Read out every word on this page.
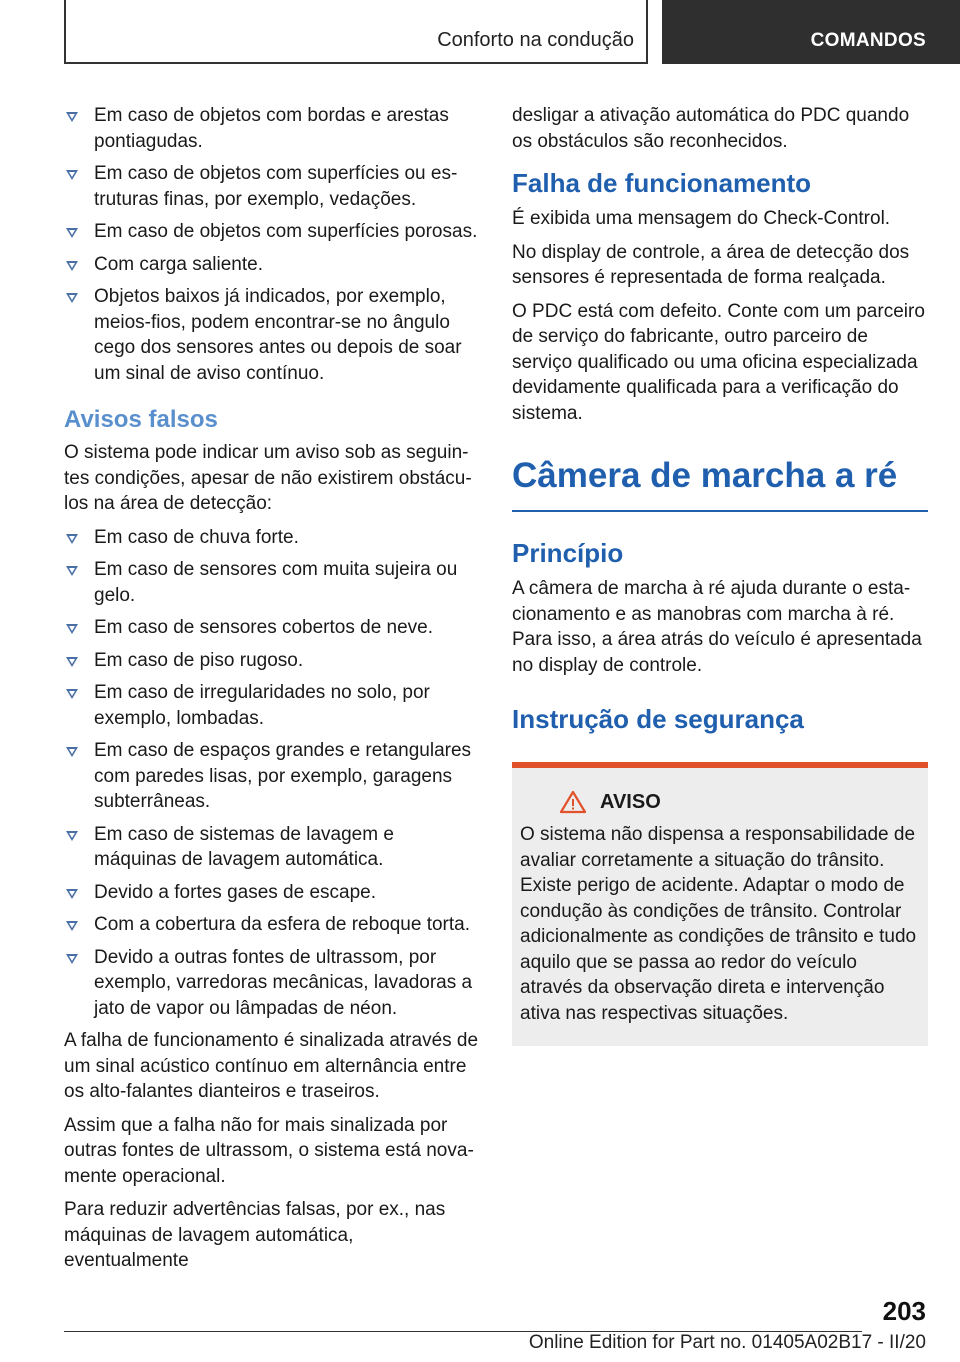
Conforto na condução	COMANDOS
Em caso de objetos com bordas e arestas pontiagudas.
Em caso de objetos com superfícies ou estruturas finas, por exemplo, vedações.
Em caso de objetos com superfícies porosas.
Com carga saliente.
Objetos baixos já indicados, por exemplo, meios-fios, podem encontrar-se no ângulo cego dos sensores antes ou depois de soar um sinal de aviso contínuo.
Avisos falsos

O sistema pode indicar um aviso sob as seguintes condições, apesar de não existirem obstáculos na área de detecção:

Em caso de chuva forte.
Em caso de sensores com muita sujeira ou gelo.
Em caso de sensores cobertos de neve.
Em caso de piso rugoso.
Em caso de irregularidades no solo, por exemplo, lombadas.
Em caso de espaços grandes e retangulares com paredes lisas, por exemplo, garagens subterrâneas.
Em caso de sistemas de lavagem e máquinas de lavagem automática.
Devido a fortes gases de escape.
Com a cobertura da esfera de reboque torta.
Devido a outras fontes de ultrassom, por exemplo, varredoras mecânicas, lavadoras a jato de vapor ou lâmpadas de néon.

A falha de funcionamento é sinalizada através de um sinal acústico contínuo em alternância entre os alto-falantes dianteiros e traseiros.

Assim que a falha não for mais sinalizada por outras fontes de ultrassom, o sistema está novamente operacional.

Para reduzir advertências falsas, por ex., nas máquinas de lavagem automática, eventualmente

desligar a ativação automática do PDC quando os obstáculos são reconhecidos.

Falha de funcionamento

É exibida uma mensagem do Check-Control.

No display de controle, a área de detecção dos sensores é representada de forma realçada.

O PDC está com defeito. Conte com um parceiro de serviço do fabricante, outro parceiro de serviço qualificado ou uma oficina especializada devidamente qualificada para a verificação do sistema.

Câmera de marcha a ré
Princípio

A câmera de marcha à ré ajuda durante o estacionamento e as manobras com marcha à ré. Para isso, a área atrás do veículo é apresentada no display de controle.

Instrução de segurança
AVISO

O sistema não dispensa a responsabilidade de avaliar corretamente a situação do trânsito. Existe perigo de acidente. Adaptar o modo de condução às condições de trânsito. Controlar adicionalmente as condições de trânsito e tudo aquilo que se passa ao redor do veículo através da observação direta e intervenção ativa nas respectivas situações.

203
Online Edition for Part no. 01405A02B17 - II/20
